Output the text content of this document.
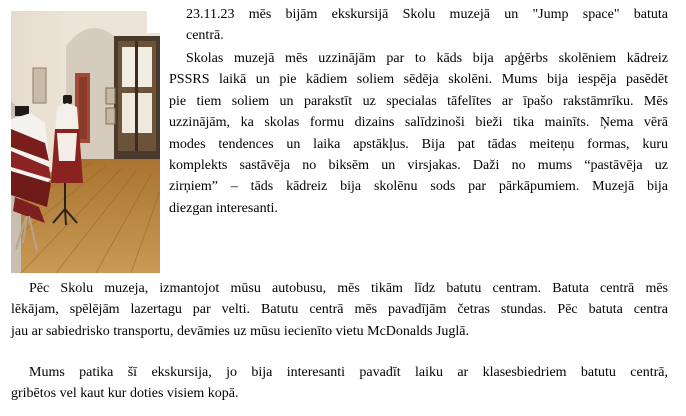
23.11.23 mēs bijām ekskursijā Skolu muzejā un "Jump space" batuta
centrā.
Skolas muzejā mēs uzzinājām par to kāds bija apģērbs skolēniem kādreiz
PSSRS laikā un pie kādiem soliem sēdēja skolēni. Mums bija iespēja pasēdēt
pie tiem soliem un parakstīt uz specialas tāfelītes ar īpašo rakstāmrīku. Mēs
uzzinājām, ka skolas formu dizains salīdzinoši bieži tika mainīts. Ņema vērā
modes tendences un laika apstākļus. Bija pat tādas meiteņu formas, kuru
komplekts sastāvēja no biksēm un virsjakas. Daži no mums “pastāvēja uz
zirņiem” – tāds kādreiz bija skolēnu sods par pārkāpumiem. Muzejā bija
diezgan interesanti.
Pēc Skolu muzeja, izmantojot mūsu autobusu, mēs tikām līdz batutu centram. Batuta centrā mēs
lēkājam, spēlējām lazertagu par velti. Batutu centrā mēs pavadījām četras stundas. Pēc batuta centra
jau ar sabiedrisko transportu, devāmies uz mūsu iecienīto vietu McDonalds Juglā.
Mums patika šī ekskursija, jo bija interesanti pavadīt laiku ar klasesbiedriem batutu centrā,
gribētos vel kaut kur doties visiem kopā.
